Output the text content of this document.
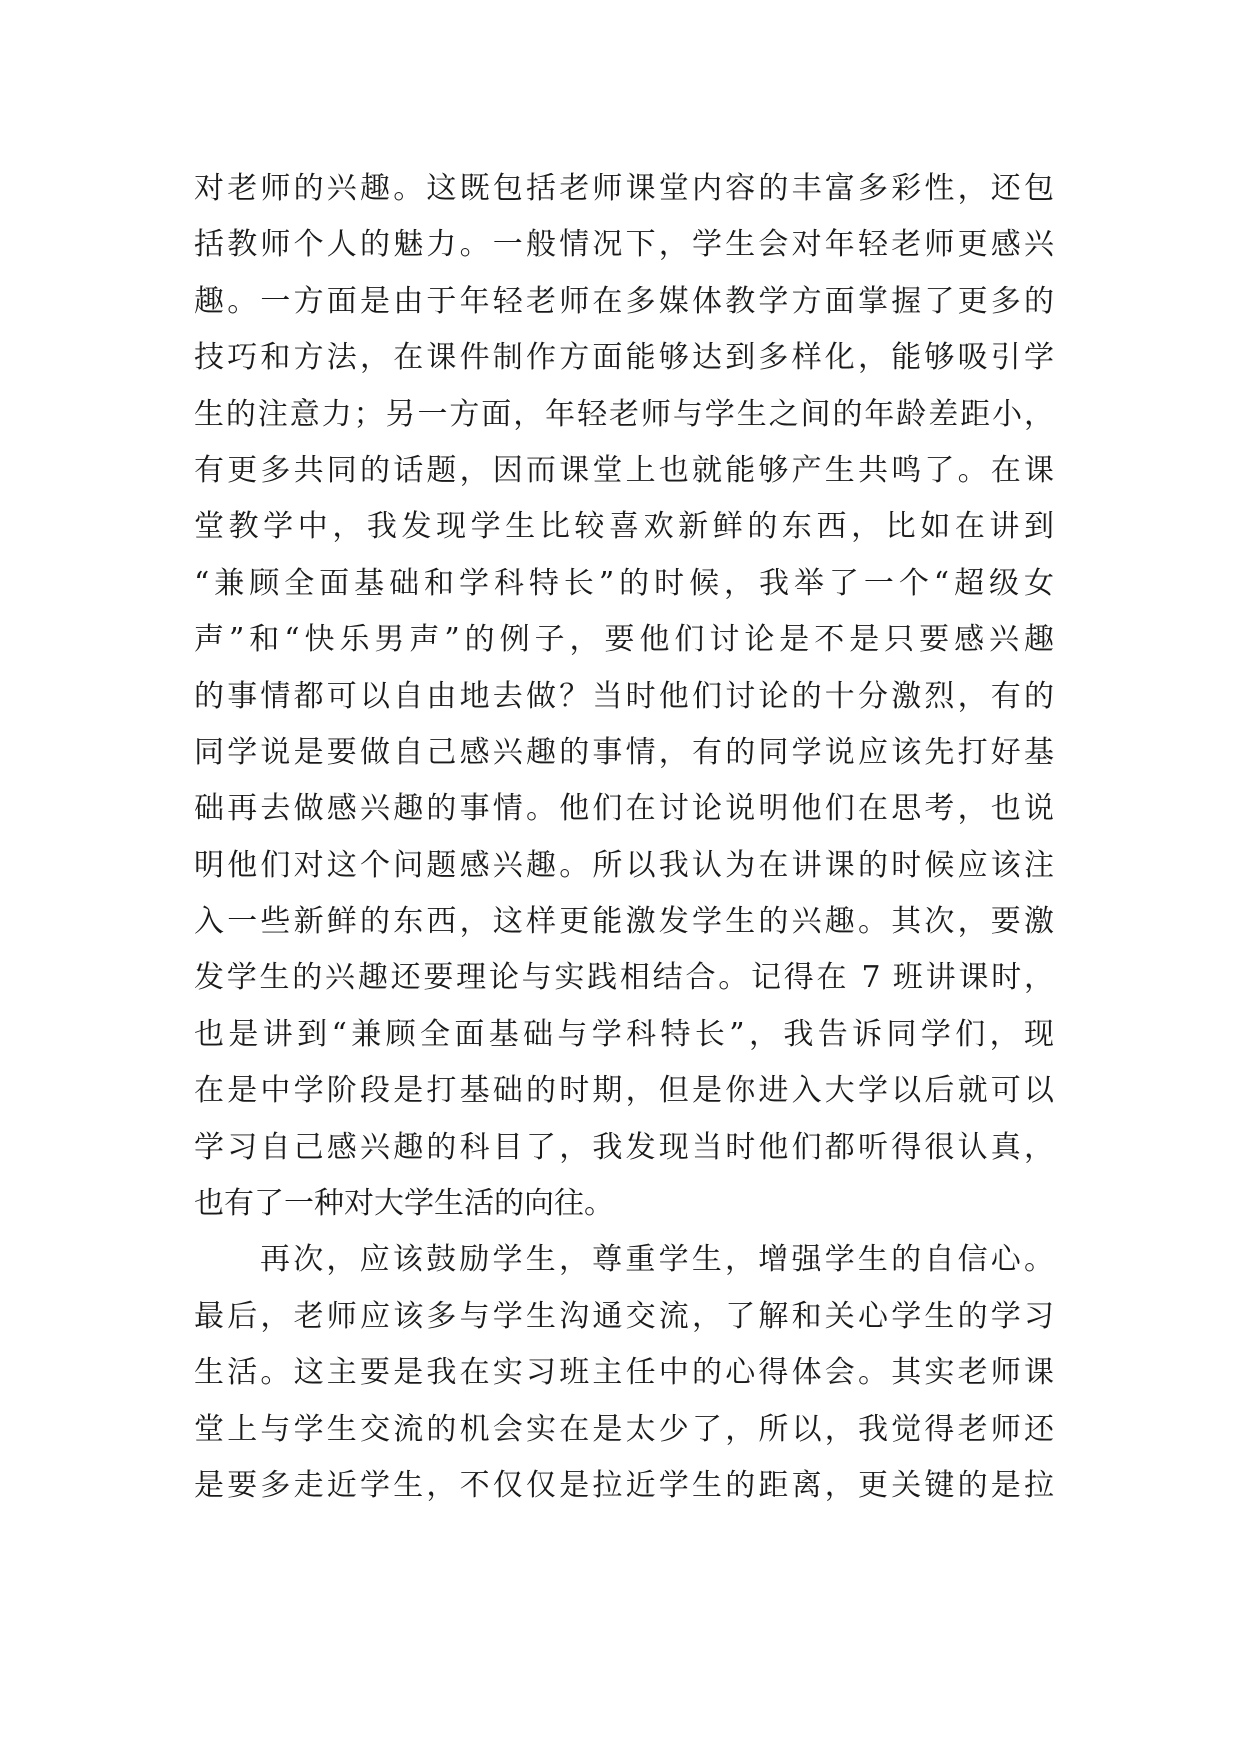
对老师的兴趣。这既包括老师课堂内容的丰富多彩性，还包
括教师个人的魅力。一般情况下，学生会对年轻老师更感兴
趣。一方面是由于年轻老师在多媒体教学方面掌握了更多的
技巧和方法，在课件制作方面能够达到多样化，能够吸引学
生的注意力；另一方面，年轻老师与学生之间的年龄差距小，
有更多共同的话题，因而课堂上也就能够产生共鸣了。在课
堂教学中，我发现学生比较喜欢新鲜的东西，比如在讲到
“兼顾全面基础和学科特长”的时候，我举了一个“超级女
声”和“快乐男声”的例子，要他们讨论是不是只要感兴趣
的事情都可以自由地去做？当时他们讨论的十分激烈，有的
同学说是要做自己感兴趣的事情，有的同学说应该先打好基
础再去做感兴趣的事情。他们在讨论说明他们在思考，也说
明他们对这个问题感兴趣。所以我认为在讲课的时候应该注
入一些新鲜的东西，这样更能激发学生的兴趣。其次，要激
发学生的兴趣还要理论与实践相结合。记得在 7 班讲课时，
也是讲到“兼顾全面基础与学科特长”，我告诉同学们，现
在是中学阶段是打基础的时期，但是你进入大学以后就可以
学习自己感兴趣的科目了，我发现当时他们都听得很认真，
也有了一种对大学生活的向往。
再次，应该鼓励学生，尊重学生，增强学生的自信心。
最后，老师应该多与学生沟通交流，了解和关心学生的学习
生活。这主要是我在实习班主任中的心得体会。其实老师课
堂上与学生交流的机会实在是太少了，所以，我觉得老师还
是要多走近学生，不仅仅是拉近学生的距离，更关键的是拉
